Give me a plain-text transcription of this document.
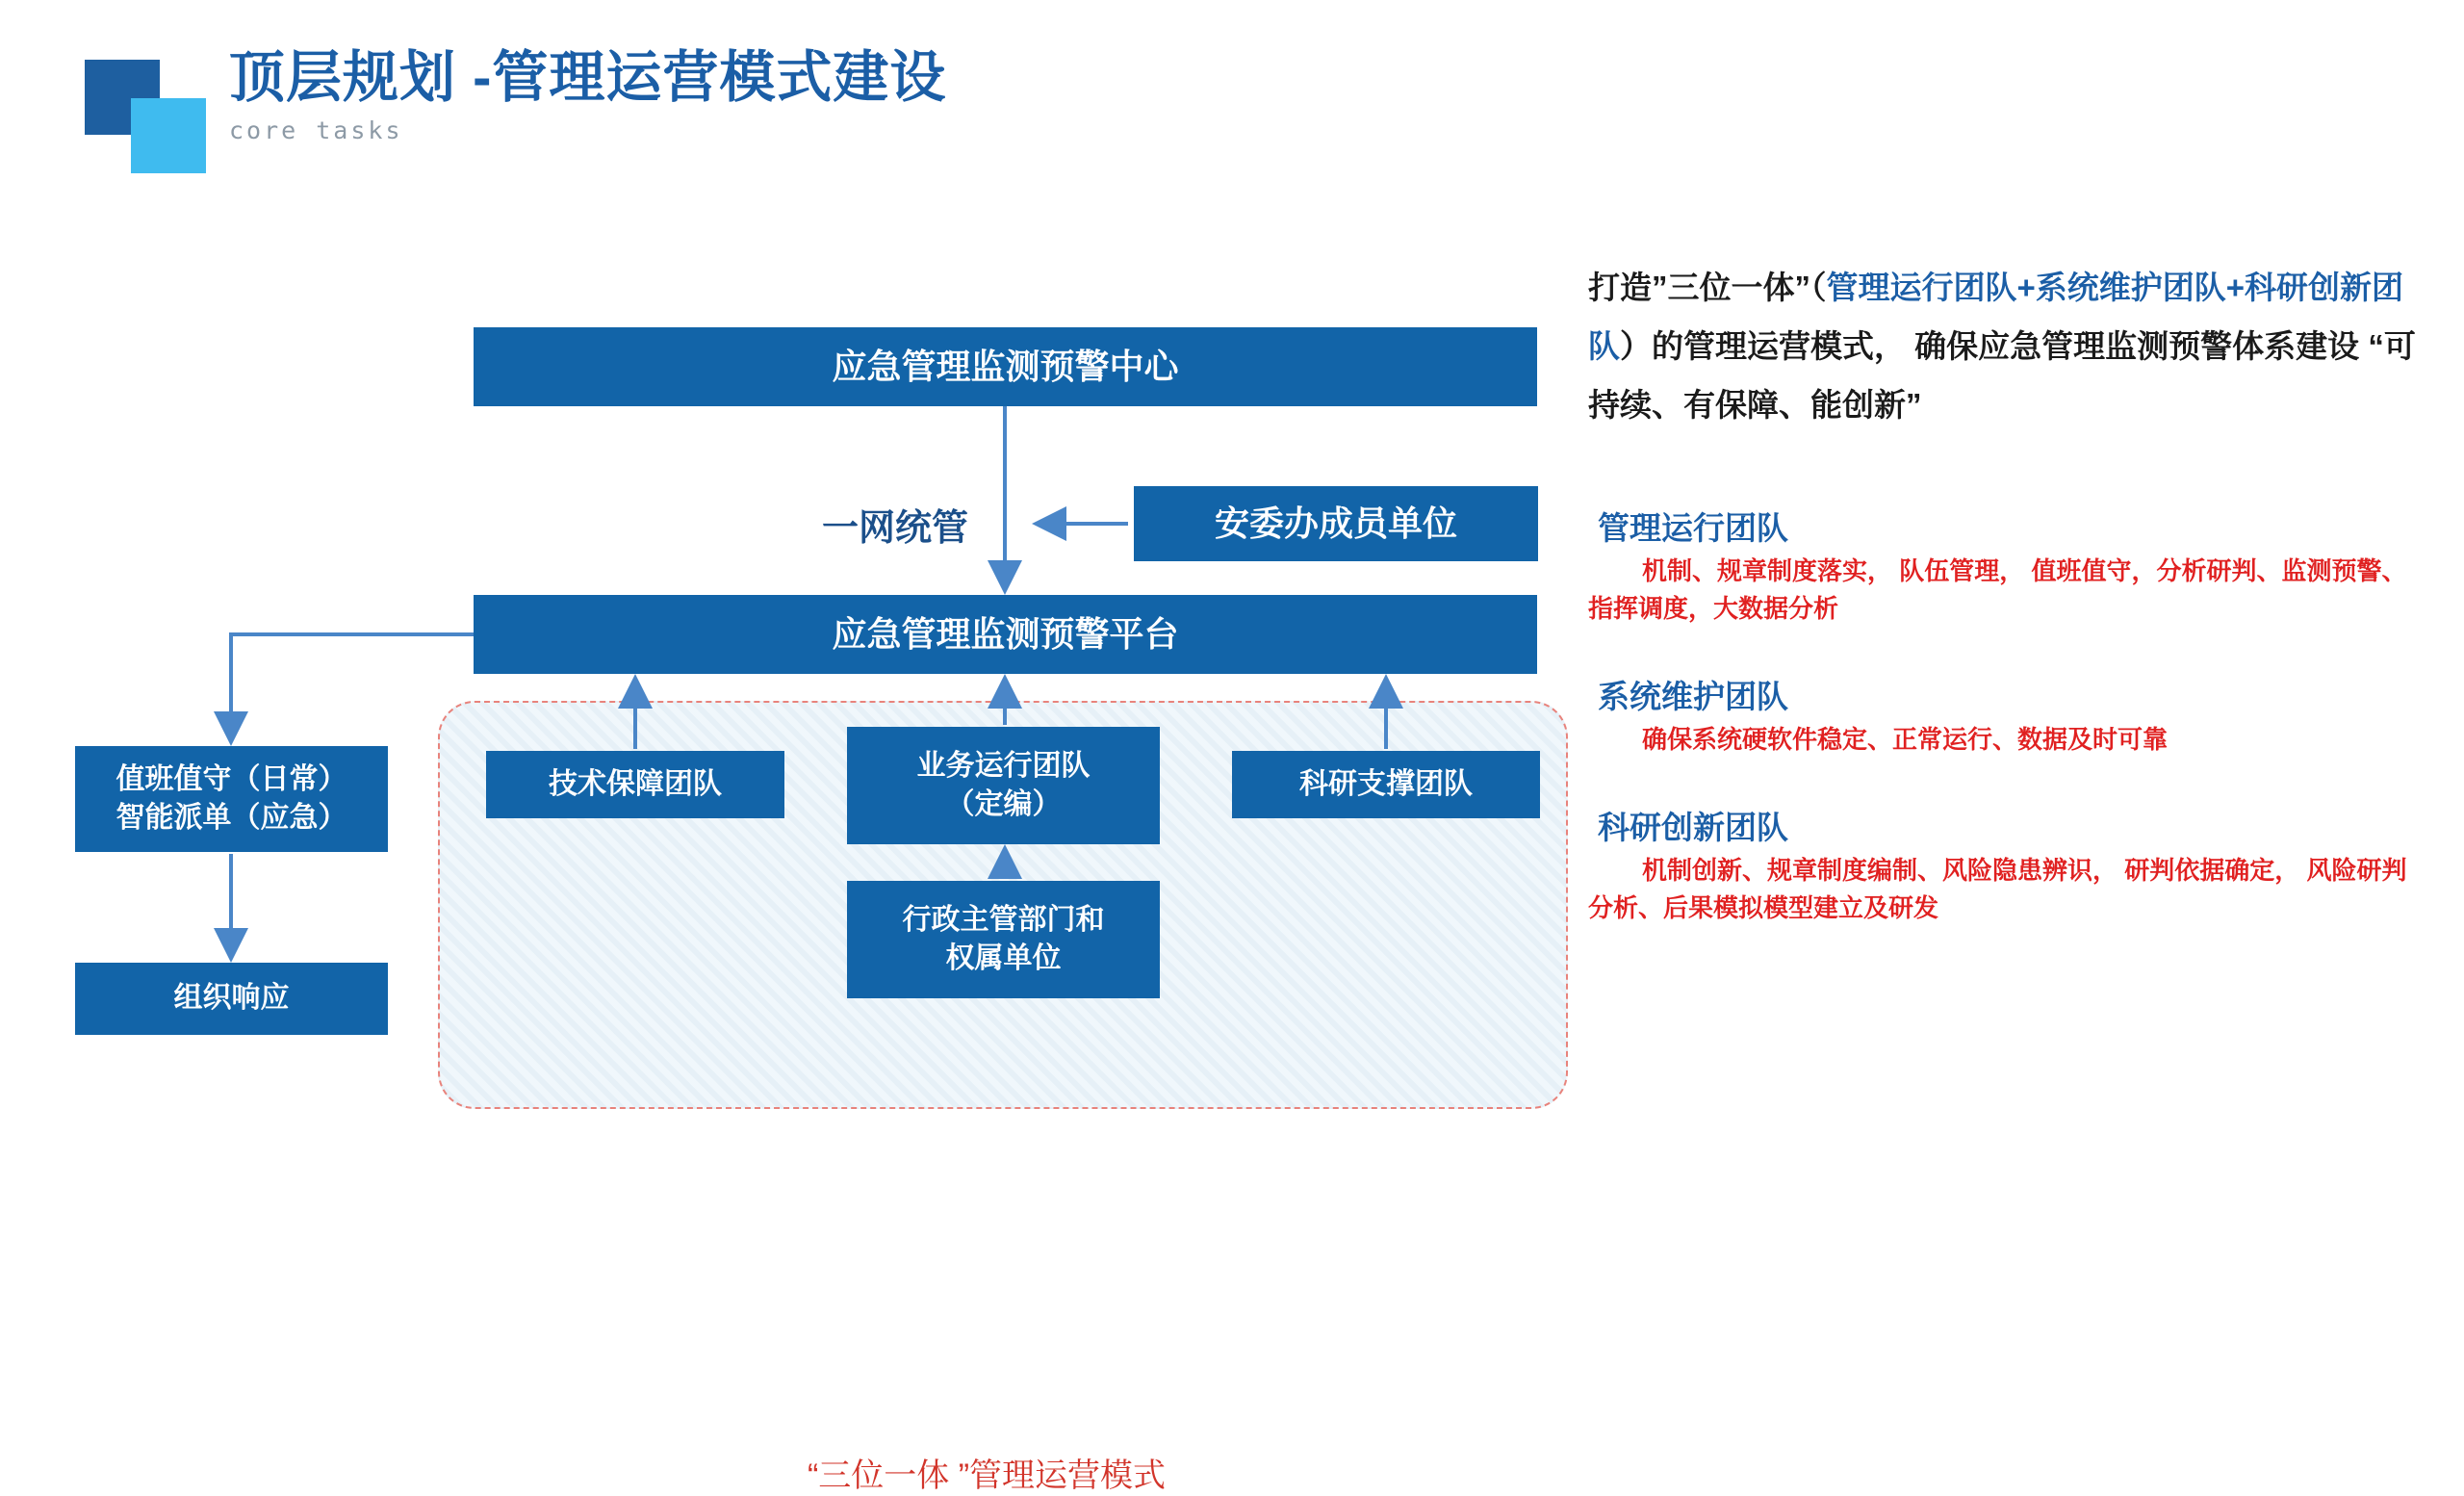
顶层规划 -管理运营模式建设
core tasks
应急管理监测预警中心
一网统管	安委办成员单位
应急管理监测预警平台
值班值守（日常）
智能派单（应急）
组织响应
技术保障团队
业务运行团队
（定编）
科研支撑团队
行政主管部门和
权属单位
“三位一体 ”管理运营模式
打造”三位一体”（管理运行团队+系统维护团队+科研创新团队）的管理运营模式， 确保应急管理监测预警体系建设 “可持续、有保障、能创新”
管理运行团队
机制、规章制度落实， 队伍管理， 值班值守，分析研判、监测预警、指挥调度，大数据分析
系统维护团队
确保系统硬软件稳定、正常运行、数据及时可靠
科研创新团队
机制创新、规章制度编制、风险隐患辨识， 研判依据确定， 风险研判分析、后果模拟模型建立及研发
